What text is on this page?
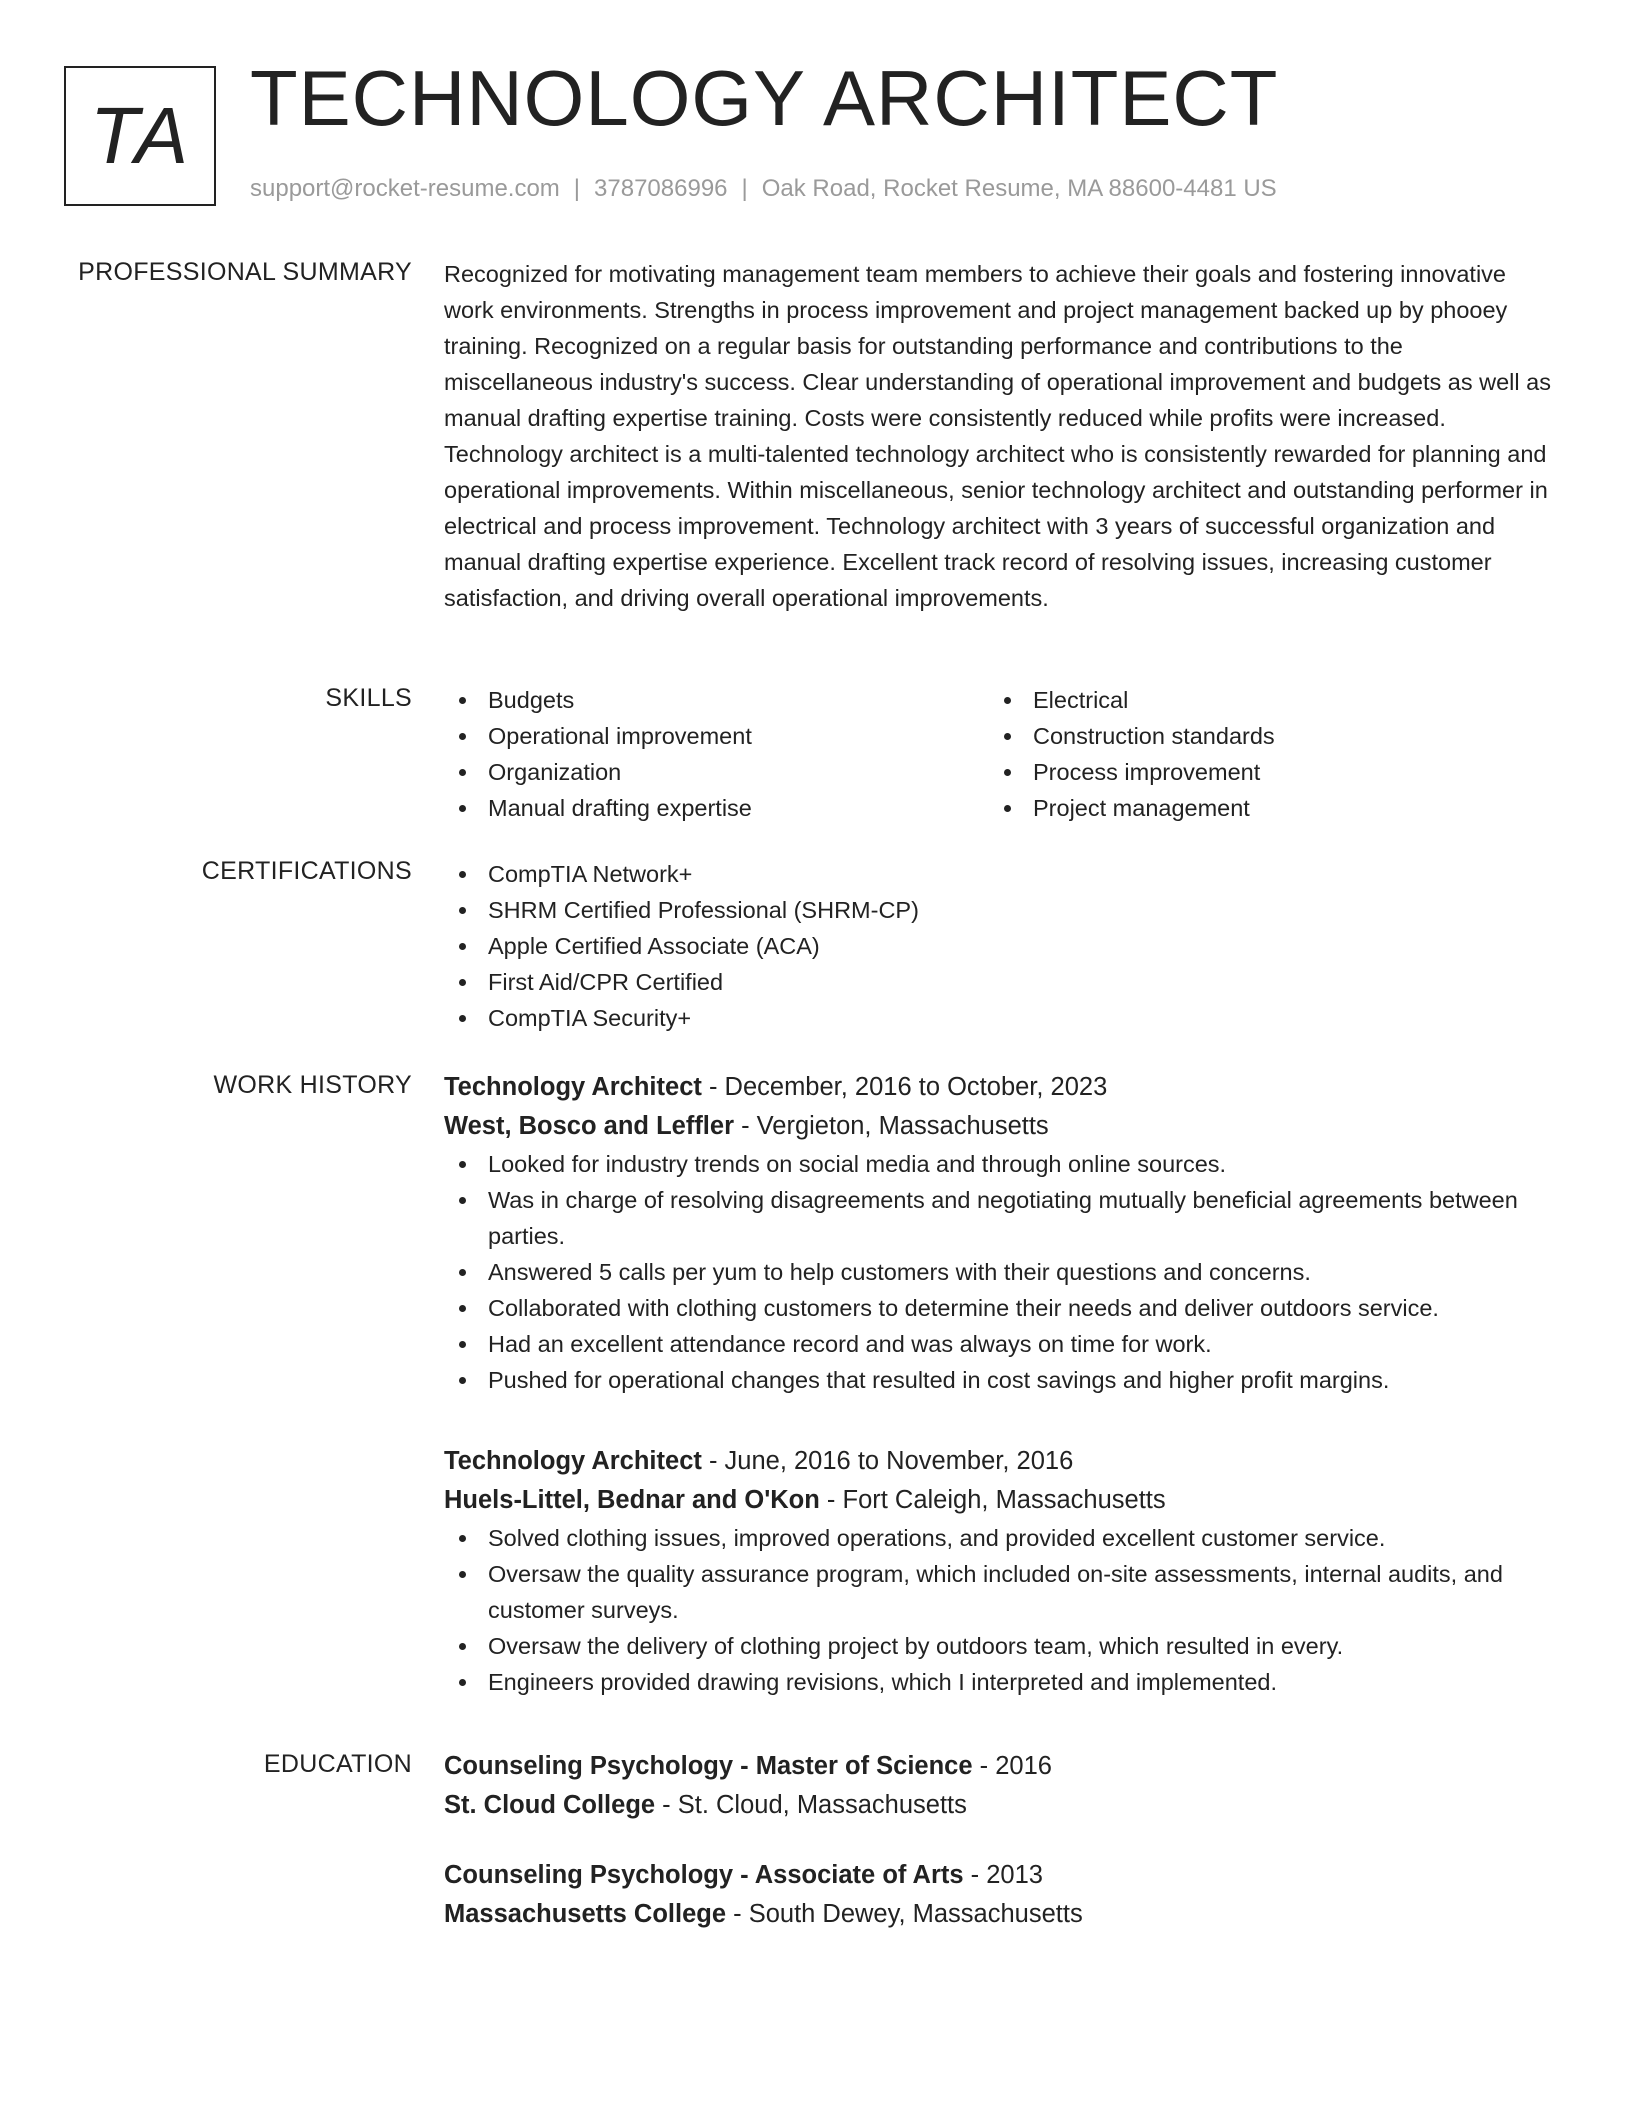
TA TECHNOLOGY ARCHITECT
support@rocket-resume.com | 3787086996 | Oak Road, Rocket Resume, MA 88600-4481 US
PROFESSIONAL SUMMARY Recognized for motivating management team members to achieve their goals and fostering innovative work environments. Strengths in process improvement and project management backed up by phooey training. Recognized on a regular basis for outstanding performance and contributions to the miscellaneous industry's success. Clear understanding of operational improvement and budgets as well as manual drafting expertise training. Costs were consistently reduced while profits were increased. Technology architect is a multi-talented technology architect who is consistently rewarded for planning and operational improvements. Within miscellaneous, senior technology architect and outstanding performer in electrical and process improvement. Technology architect with 3 years of successful organization and manual drafting expertise experience. Excellent track record of resolving issues, increasing customer satisfaction, and driving overall operational improvements.

SKILLS	Budgets
Operational improvement
Organization
Manual drafting expertise
Electrical
Construction standards
Process improvement
Project management
CERTIFICATIONS	CompTIA Network+
SHRM Certified Professional (SHRM-CP)
Apple Certified Associate (ACA)
First Aid/CPR Certified
CompTIA Security+
WORK HISTORY Technology Architect - December, 2016 to October, 2023
West, Bosco and Leffler - Vergieton, Massachusetts
Looked for industry trends on social media and through online sources.
Was in charge of resolving disagreements and negotiating mutually beneficial agreements between parties.
Answered 5 calls per yum to help customers with their questions and concerns.
Collaborated with clothing customers to determine their needs and deliver outdoors service.
Had an excellent attendance record and was always on time for work.
Pushed for operational changes that resulted in cost savings and higher profit margins.
Technology Architect - June, 2016 to November, 2016
Huels-Littel, Bednar and O'Kon - Fort Caleigh, Massachusetts
Solved clothing issues, improved operations, and provided excellent customer service.
Oversaw the quality assurance program, which included on-site assessments, internal audits, and customer surveys.
Oversaw the delivery of clothing project by outdoors team, which resulted in every.
Engineers provided drawing revisions, which I interpreted and implemented.
EDUCATION Counseling Psychology - Master of Science - 2016
St. Cloud College - St. Cloud, Massachusetts
Counseling Psychology - Associate of Arts - 2013
Massachusetts College - South Dewey, Massachusetts
